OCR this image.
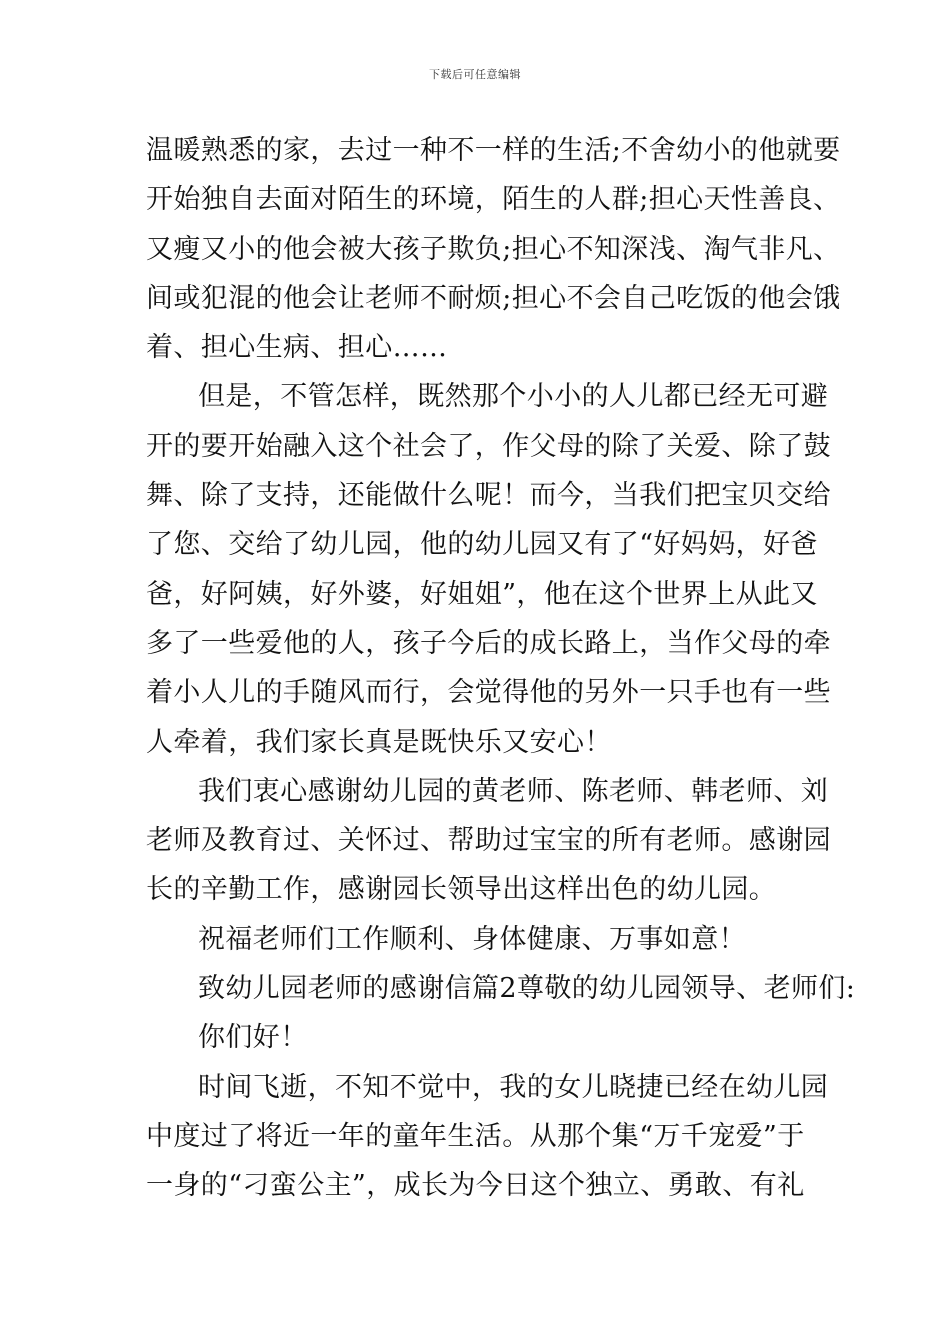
下载后可任意编辑
温暖熟悉的家，去过一种不一样的生活;不舍幼小的他就要
开始独自去面对陌生的环境，陌生的人群;担心天性善良、
又瘦又小的他会被大孩子欺负;担心不知深浅、淘气非凡、
间或犯混的他会让老师不耐烦;担心不会自己吃饭的他会饿
着、担心生病、担心……
但是，不管怎样，既然那个小小的人儿都已经无可避
开的要开始融入这个社会了，作父母的除了关爱、除了鼓
舞、除了支持，还能做什么呢！而今，当我们把宝贝交给
了您、交给了幼儿园，他的幼儿园又有了“好妈妈，好爸
爸，好阿姨，好外婆，好姐姐”，他在这个世界上从此又
多了一些爱他的人，孩子今后的成长路上，当作父母的牵
着小人儿的手随风而行，会觉得他的另外一只手也有一些
人牵着，我们家长真是既快乐又安心！
我们衷心感谢幼儿园的黄老师、陈老师、韩老师、刘
老师及教育过、关怀过、帮助过宝宝的所有老师。感谢园
长的辛勤工作，感谢园长领导出这样出色的幼儿园。
祝福老师们工作顺利、身体健康、万事如意！
致幼儿园老师的感谢信篇2尊敬的幼儿园领导、老师们:
你们好！
时间飞逝，不知不觉中，我的女儿晓捷已经在幼儿园
中度过了将近一年的童年生活。从那个集“万千宠爱”于
一身的“刁蛮公主”，成长为今日这个独立、勇敢、有礼
